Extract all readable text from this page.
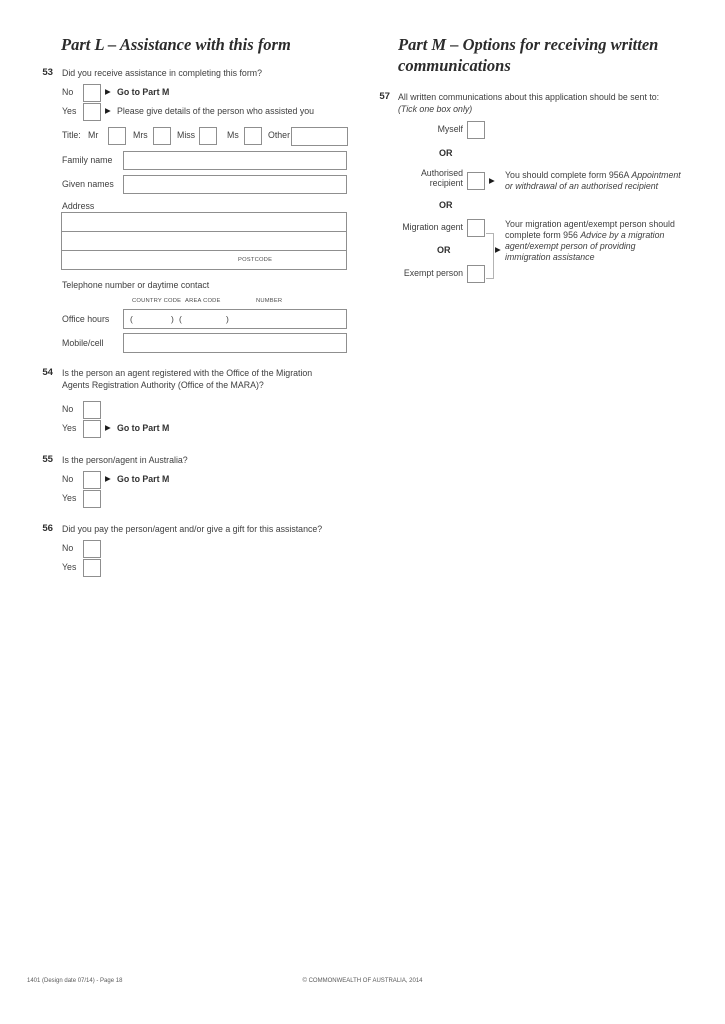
Part L – Assistance with this form
53 Did you receive assistance in completing this form?
No	▶ Go to Part M
Yes	▶ Please give details of the person who assisted you
Title: Mr	Mrs	Miss	Ms	Other
Family name
Given names
Address
POSTCODE
Telephone number or daytime contact
COUNTRY CODE AREA CODE	NUMBER
Office hours (	) (	)
Mobile/cell
54 Is the person an agent registered with the Office of the Migration
Agents Registration Authority (Office of the MARA)?
No
Yes	▶ Go to Part M
55 Is the person/agent in Australia?
No	▶ Go to Part M
Yes
56 Did you pay the person/agent and/or give a gift for this assistance?
No
Yes
Part M – Options for receiving written
communications
57 All written communications about this application should be sent to:
(Tick one box only)
Myself
OR
Authorised
recipient	▶
You should complete form 956A Appointment
or withdrawal of an authorised recipient
OR
Migration agent
OR
Exempt person
▶
Your migration agent/exempt person should
complete form 956 Advice by a migration
agent/exempt person of providing
immigration assistance
1401 (Design date 07/14) - Page 18	© COMMONWEALTH OF AUSTRALIA, 2014
